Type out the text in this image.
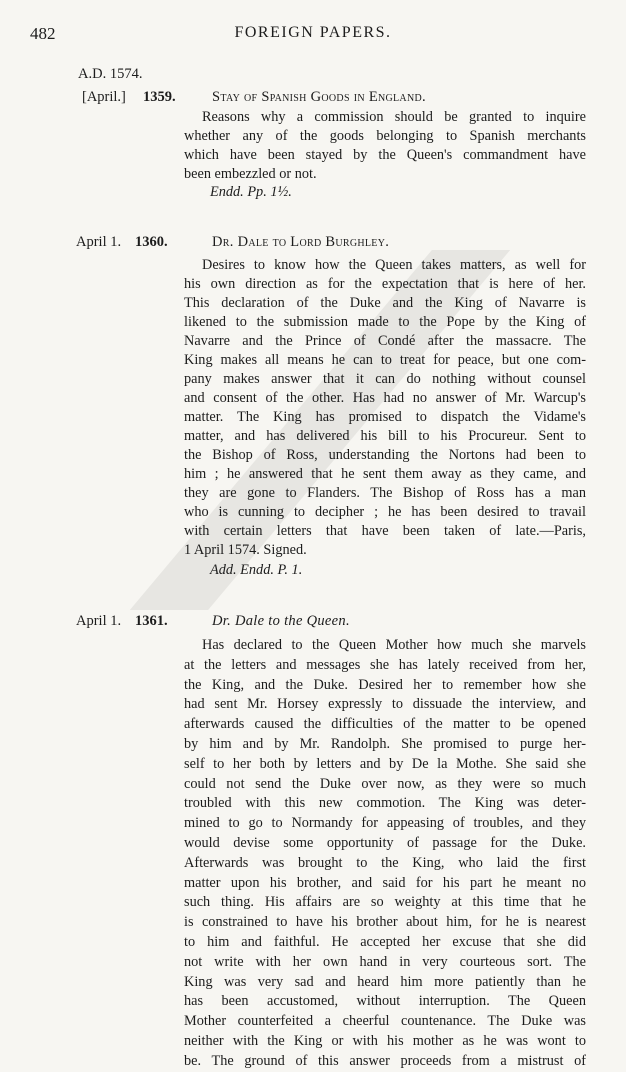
482	FOREIGN PAPERS.
A.D. 1574.
[April.] 1359.	Stay of Spanish Goods in England.
Reasons why a commission should be granted to inquire
whether any of the goods belonging to Spanish merchants
which have been stayed by the Queen's commandment have
been embezzled or not.
Endd. Pp. 1½.
April 1. 1360.	Dr. Dale to Lord Burghley.
Desires to know how the Queen takes matters, as well for
his own direction as for the expectation that is here of her.
This declaration of the Duke and the King of Navarre is
likened to the submission made to the Pope by the King of
Navarre and the Prince of Condé after the massacre. The
King makes all means he can to treat for peace, but one com-
pany makes answer that it can do nothing without counsel
and consent of the other. Has had no answer of Mr. Warcup's
matter. The King has promised to dispatch the Vidame's
matter, and has delivered his bill to his Procureur. Sent to
the Bishop of Ross, understanding the Nortons had been to
him ; he answered that he sent them away as they came, and
they are gone to Flanders. The Bishop of Ross has a man
who is cunning to decipher ; he has been desired to travail
with certain letters that have been taken of late.—Paris,
1 April 1574. Signed.
Add. Endd. P. 1.
April 1. 1361.	Dr. Dale to the Queen.
Has declared to the Queen Mother how much she marvels
at the letters and messages she has lately received from her,
the King, and the Duke. Desired her to remember how she
had sent Mr. Horsey expressly to dissuade the interview, and
afterwards caused the difficulties of the matter to be opened
by him and by Mr. Randolph. She promised to purge her-
self to her both by letters and by De la Mothe. She said she
could not send the Duke over now, as they were so much
troubled with this new commotion. The King was deter-
mined to go to Normandy for appeasing of troubles, and they
would devise some opportunity of passage for the Duke.
Afterwards was brought to the King, who laid the first
matter upon his brother, and said for his part he meant no
such thing. His affairs are so weighty at this time that he
is constrained to have his brother about him, for he is nearest
to him and faithful. He accepted her excuse that she did
not write with her own hand in very courteous sort. The
King was very sad and heard him more patiently than he
has been accustomed, without interruption. The Queen
Mother counterfeited a cheerful countenance. The Duke was
neither with the King or with his mother as he was wont to
be. The ground of this answer proceeds from a mistrust of
